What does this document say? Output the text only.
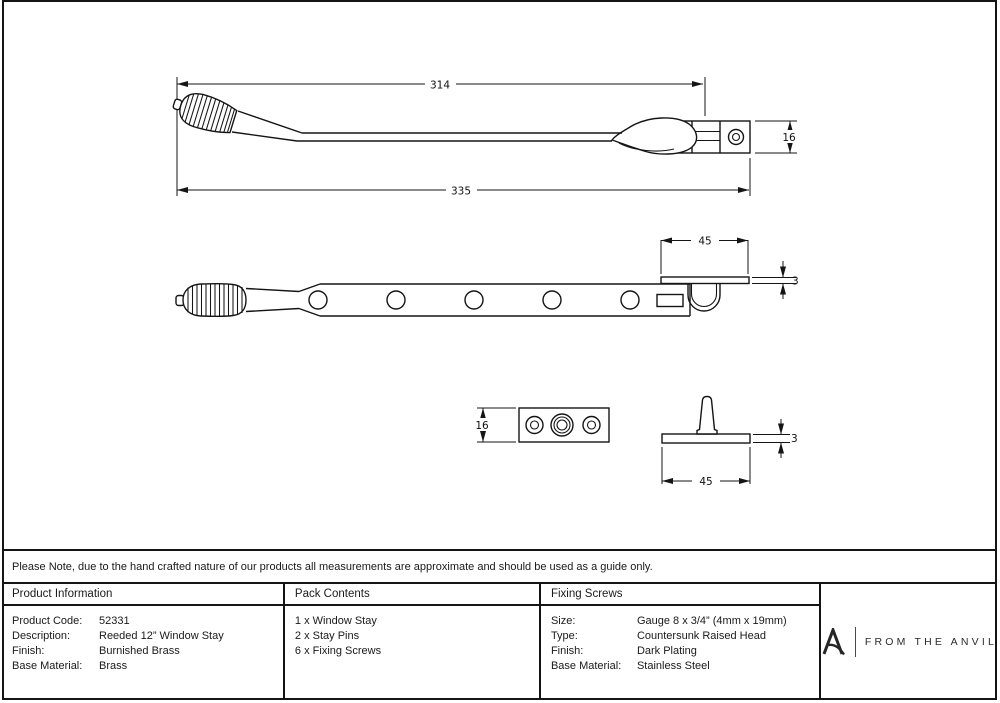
314
335
16
45
3
16
3
45
Please Note, due to the hand crafted nature of our products all measurements are approximate and should be used as a guide only.
Product Information
Product Code:	52331
Description:	Reeded 12” Window Stay
Finish:	Burnished Brass
Base Material:	Brass
Pack Contents
1 x Window Stay
2 x Stay Pins
6 x Fixing Screws
Fixing Screws
Size:	Gauge 8 x 3/4” (4mm x 19mm)
Type:	Countersunk Raised Head
Finish:	Dark Plating
Base Material:	Stainless Steel
FROM THE ANVIL
